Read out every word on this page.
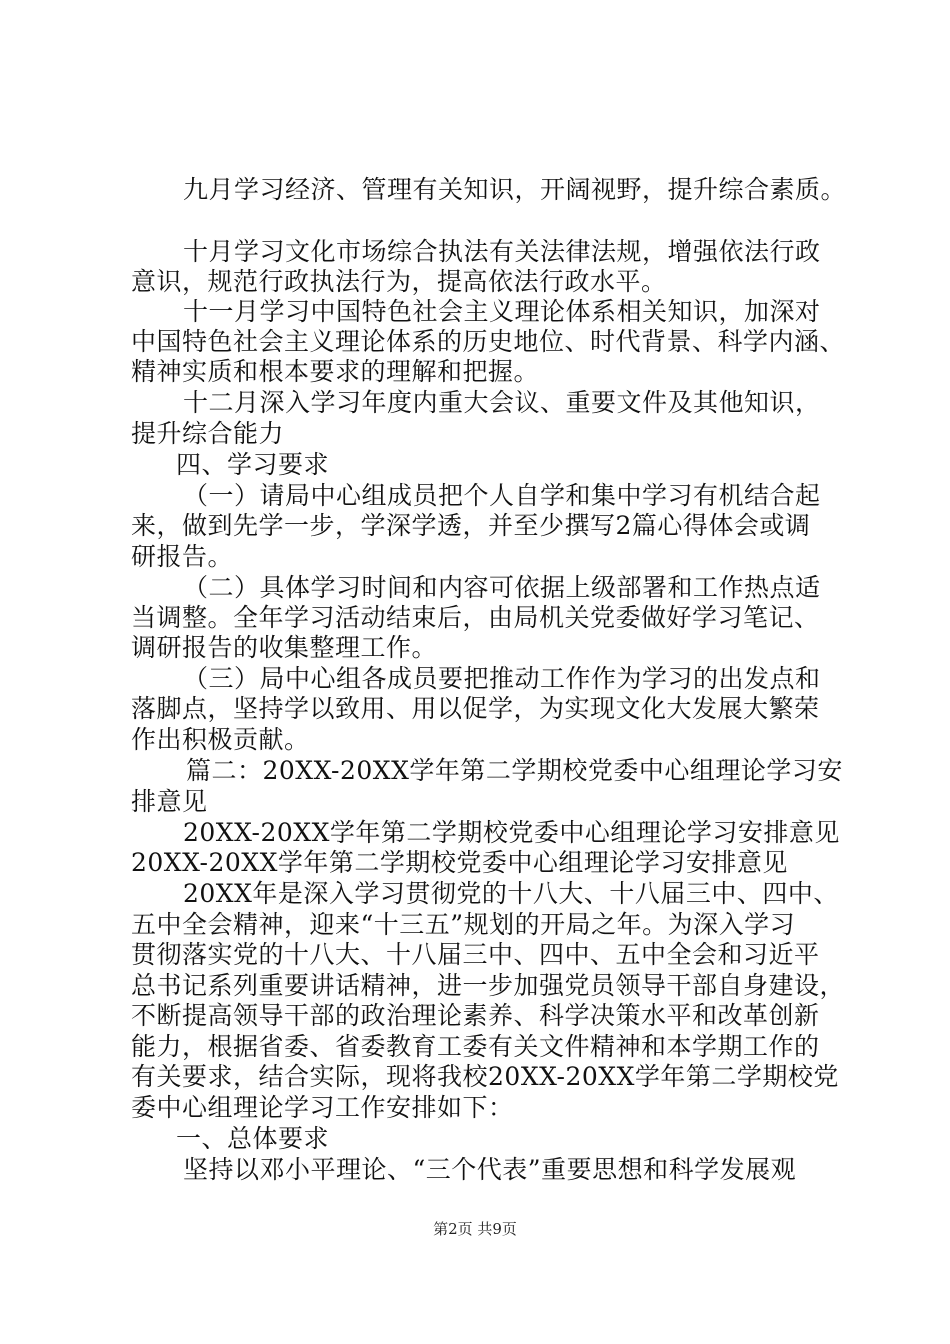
九月学习经济、管理有关知识，开阔视野，提升综合素质。
十月学习文化市场综合执法有关法律法规，增强依法行政
意识，规范行政执法行为，提高依法行政水平。
十一月学习中国特色社会主义理论体系相关知识，加深对
中国特色社会主义理论体系的历史地位、时代背景、科学内涵、
精神实质和根本要求的理解和把握。
十二月深入学习年度内重大会议、重要文件及其他知识，
提升综合能力
四、学习要求
（一）请局中心组成员把个人自学和集中学习有机结合起
来，做到先学一步，学深学透，并至少撰写2篇心得体会或调
研报告。
（二）具体学习时间和内容可依据上级部署和工作热点适
当调整。全年学习活动结束后，由局机关党委做好学习笔记、
调研报告的收集整理工作。
（三）局中心组各成员要把推动工作作为学习的出发点和
落脚点，坚持学以致用、用以促学，为实现文化大发展大繁荣
作出积极贡献。
篇二：20XX-20XX学年第二学期校党委中心组理论学习安
排意见
20XX-20XX学年第二学期校党委中心组理论学习安排意见
20XX-20XX学年第二学期校党委中心组理论学习安排意见
20XX年是深入学习贯彻党的十八大、十八届三中、四中、
五中全会精神，迎来“十三五”规划的开局之年。为深入学习
贯彻落实党的十八大、十八届三中、四中、五中全会和习近平
总书记系列重要讲话精神，进一步加强党员领导干部自身建设，
不断提高领导干部的政治理论素养、科学决策水平和改革创新
能力，根据省委、省委教育工委有关文件精神和本学期工作的
有关要求，结合实际，现将我校20XX-20XX学年第二学期校党
委中心组理论学习工作安排如下：
一、总体要求
坚持以邓小平理论、“三个代表”重要思想和科学发展观
第2页 共9页
